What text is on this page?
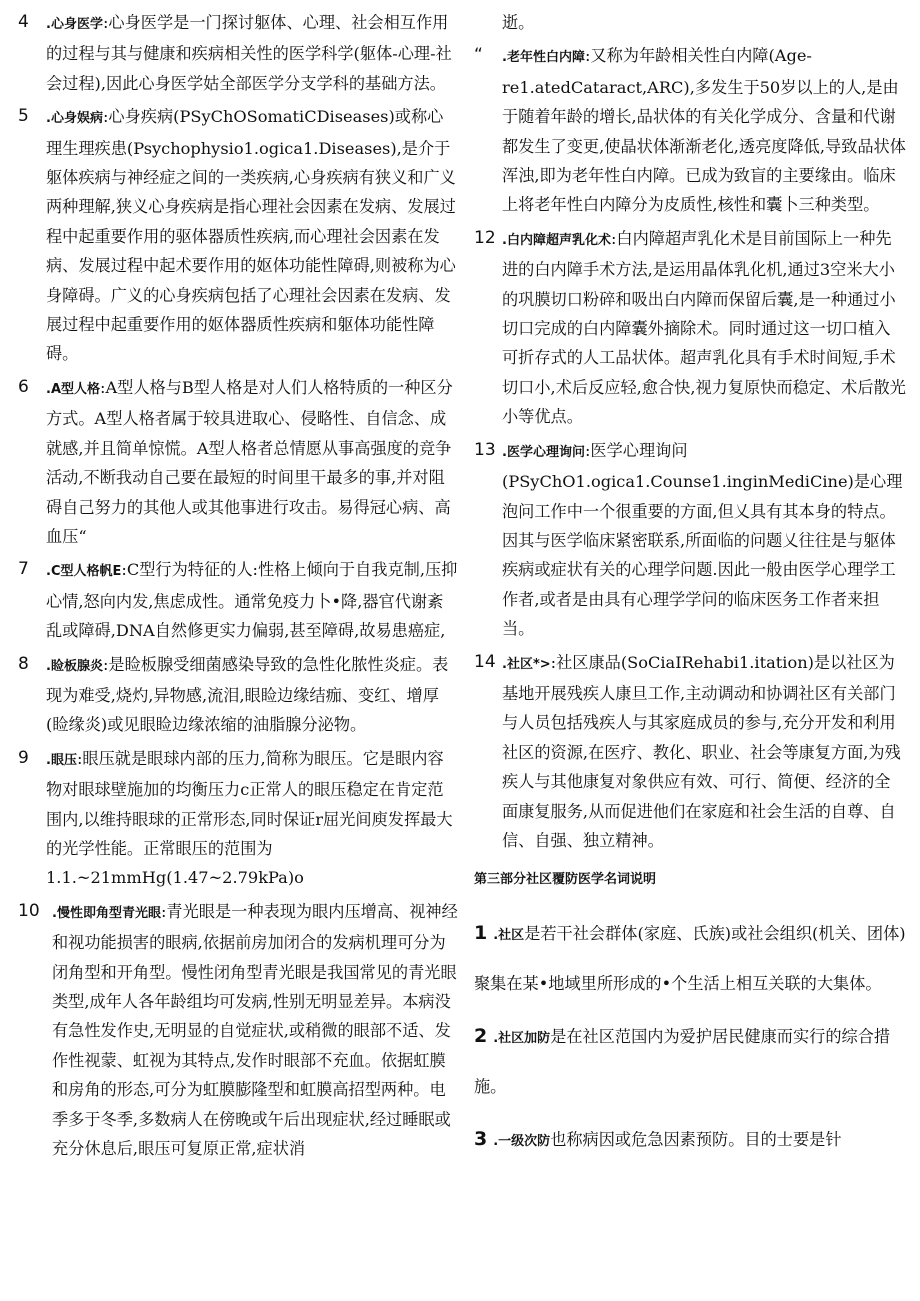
4 .心身医学:心身医学是一门探讨躯体、心理、社会相互作用的过程与其与健康和疾病相关性的医学科学(躯体-心理-社会过程),因此心身医学姑全部医学分支学科的基础方法。
5 .心身娱病:心身疾病(PSyChOSomatiCDiseases)或称心理生理疾患(Psychophysio1.ogica1.Diseases),是介于躯体疾病与神经症之间的一类疾病,心身疾病有狭义和广义两种理解,狭义心身疾病是指心理社会因素在发病、发展过程中起重要作用的驱体器质性疾病,而心理社会因素在发病、发展过程中起术要作用的妪体功能性障碍,则被称为心身障碍。广义的心身疾病包括了心理社会因素在发病、发展过程中起重要作用的妪体器质性疾病和躯体功能性障碍。
6 .A型人格:A型人格与B型人格是对人们人格特质的一种区分方式。A型人格者属于较具进取心、侵略性、自信念、成就感,并且简单惊慌。A型人格者总情愿从事高强度的竞争活动,不断我动自己要在最短的时间里干最多的事,并对阻碍自己努力的其他人或其他事进行攻击。易得冠心病、高血压“
7 .C型人格帆E:C型行为特征的人:性格上倾向于自我克制,压抑心情,怒向内发,焦虑成性。通常免疫力卜•降,器官代谢紊乱或障碍,DNA自然修更实力偏弱,甚至障碍,故易患癌症,
8 .睑板腺炎:是睑板腺受细菌感染导致的急性化脓性炎症。表现为难受,烧灼,异物感,流泪,眼睑边缘结痂、变红、增厚(睑缘炎)或见眼睑边缘浓缩的油脂腺分泌物。
9 .眼压:眼压就是眼球内部的压力,简称为眼压。它是眼内容物对眼球壁施加的均衡压力c正常人的眼压稳定在肯定范围内,以维持眼球的正常形态,同时保证r屈光间庾发挥最大的光学性能。正常眼压的范围为1.1.~21mmHg(1.47~2.79kPa)o
10 .慢性即角型青光眼:青光眼是一种表现为眼内压增高、视神经和视功能损害的眼病,依据前房加闭合的发病机理可分为闭角型和开角型。慢性闭角型青光眼是我国常见的青光眼类型,成年人各年龄组均可发病,性别无明显差异。本病没有急性发作史,无明显的自觉症状,或稍微的眼部不适、发作性视蒙、虹视为其特点,发作时眼部不充血。依据虹膜和房角的形态,可分为虹膜膨隆型和虹膜高招型两种。电季多于冬季,多数病人在傍晚或午后出现症状,经过睡眠或充分休息后,眼压可复原正常,症状消
逝。
“ .老年性白内障:又称为年龄相关性白内障(Age-re1.atedCataract,ARC),多发生于50岁以上的人,是由于随着年龄的增长,品状体的有关化学成分、含量和代谢都发生了变更,使晶状体渐渐老化,透亮度降低,导致品状体浑浊,即为老年性白内障。已成为致盲的主要缘由。临床上将老年性白内障分为皮质性,核性和囊卜三种类型。
12 .白内障超声乳化术:白内障超声乳化术是目前国际上一种先进的白内障手术方法,是运用晶体乳化机,通过3空米大小的巩膜切口粉碎和吸出白内障而保留后囊,是一种通过小切口完成的白内障囊外摘除术。同时通过这一切口植入可折存式的人工品状体。超声乳化具有手术时间短,手术切口小,术后反应轻,愈合快,视力复原快而稳定、术后散光小等优点。
13 .医学心理询问:医学心理询问(PSyChO1.ogica1.Counse1.inginMediCine)是心理泡问工作中一个很重要的方面,但乂具有其本身的特点。因其与医学临床紧密联系,所面临的问题乂往往是与躯体疾病或症状有关的心理学问题.因此一般由医学心理学工作者,或者是由具有心理学学问的临床医务工作者来担当。
14 .社区*>:社区康品(SoCiaIRehabi1.itation)是以社区为基地开展残疾人康旦工作,主动调动和协调社区有关部门与人员包括残疾人与其家庭成员的参与,充分开发和利用社区的资源,在医疗、教化、职业、社会等康复方面,为残疾人与其他康复对象供应有效、可行、简便、经济的全面康复服务,从而促进他们在家庭和社会生活的自尊、自信、自强、独立精神。
第三部分社区覆防医学名词说明
1 .社区是若干社会群体(家庭、氏族)或社会组织(机关、团体)聚集在某•地域里所形成的•个生活上相互关联的大集体。
2 .社区加防是在社区范国内为爱护居民健康而实行的综合措施。
3 .一级次防也称病因或危急因素预防。目的士要是针
